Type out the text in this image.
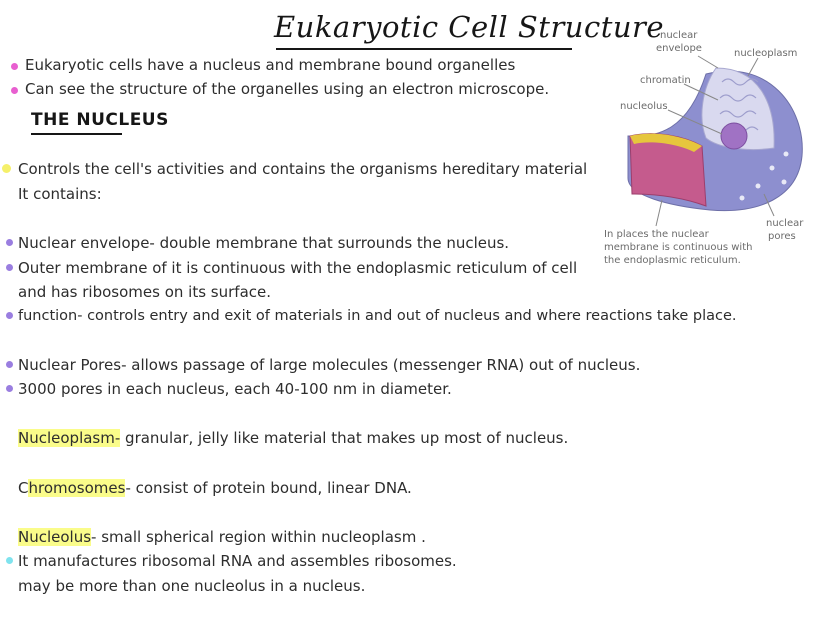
Eukaryotic Cell Structure
Eukaryotic cells have a nucleus and membrane bound organelles
Can see the structure of the organelles using an electron microscope.
THE NUCLEUS
Controls the cell's activities and contains the organisms hereditary material
It contains:
Nuclear envelope- double membrane that surrounds the nucleus.
Outer membrane of it is continuous with the endoplasmic reticulum of cell
and has ribosomes on its surface.
function- controls entry and exit of materials in and out of nucleus and where reactions take place.
Nuclear Pores- allows passage of large molecules (messenger RNA) out of nucleus.
3000 pores in each nucleus, each 40-100 nm in diameter.
Nucleoplasm- granular, jelly like material that makes up most of nucleus.
Chromosomes- consist of protein bound, linear DNA.
Nucleolus- small spherical region within nucleoplasm .
It manufactures ribosomal RNA and assembles ribosomes.
may be more than one nucleolus in a nucleus.
nuclear
envelope	nucleoplasm
chromatin
nucleolus
nuclear
pores
In places the nuclear
membrane is continuous with
the endoplasmic reticulum.
